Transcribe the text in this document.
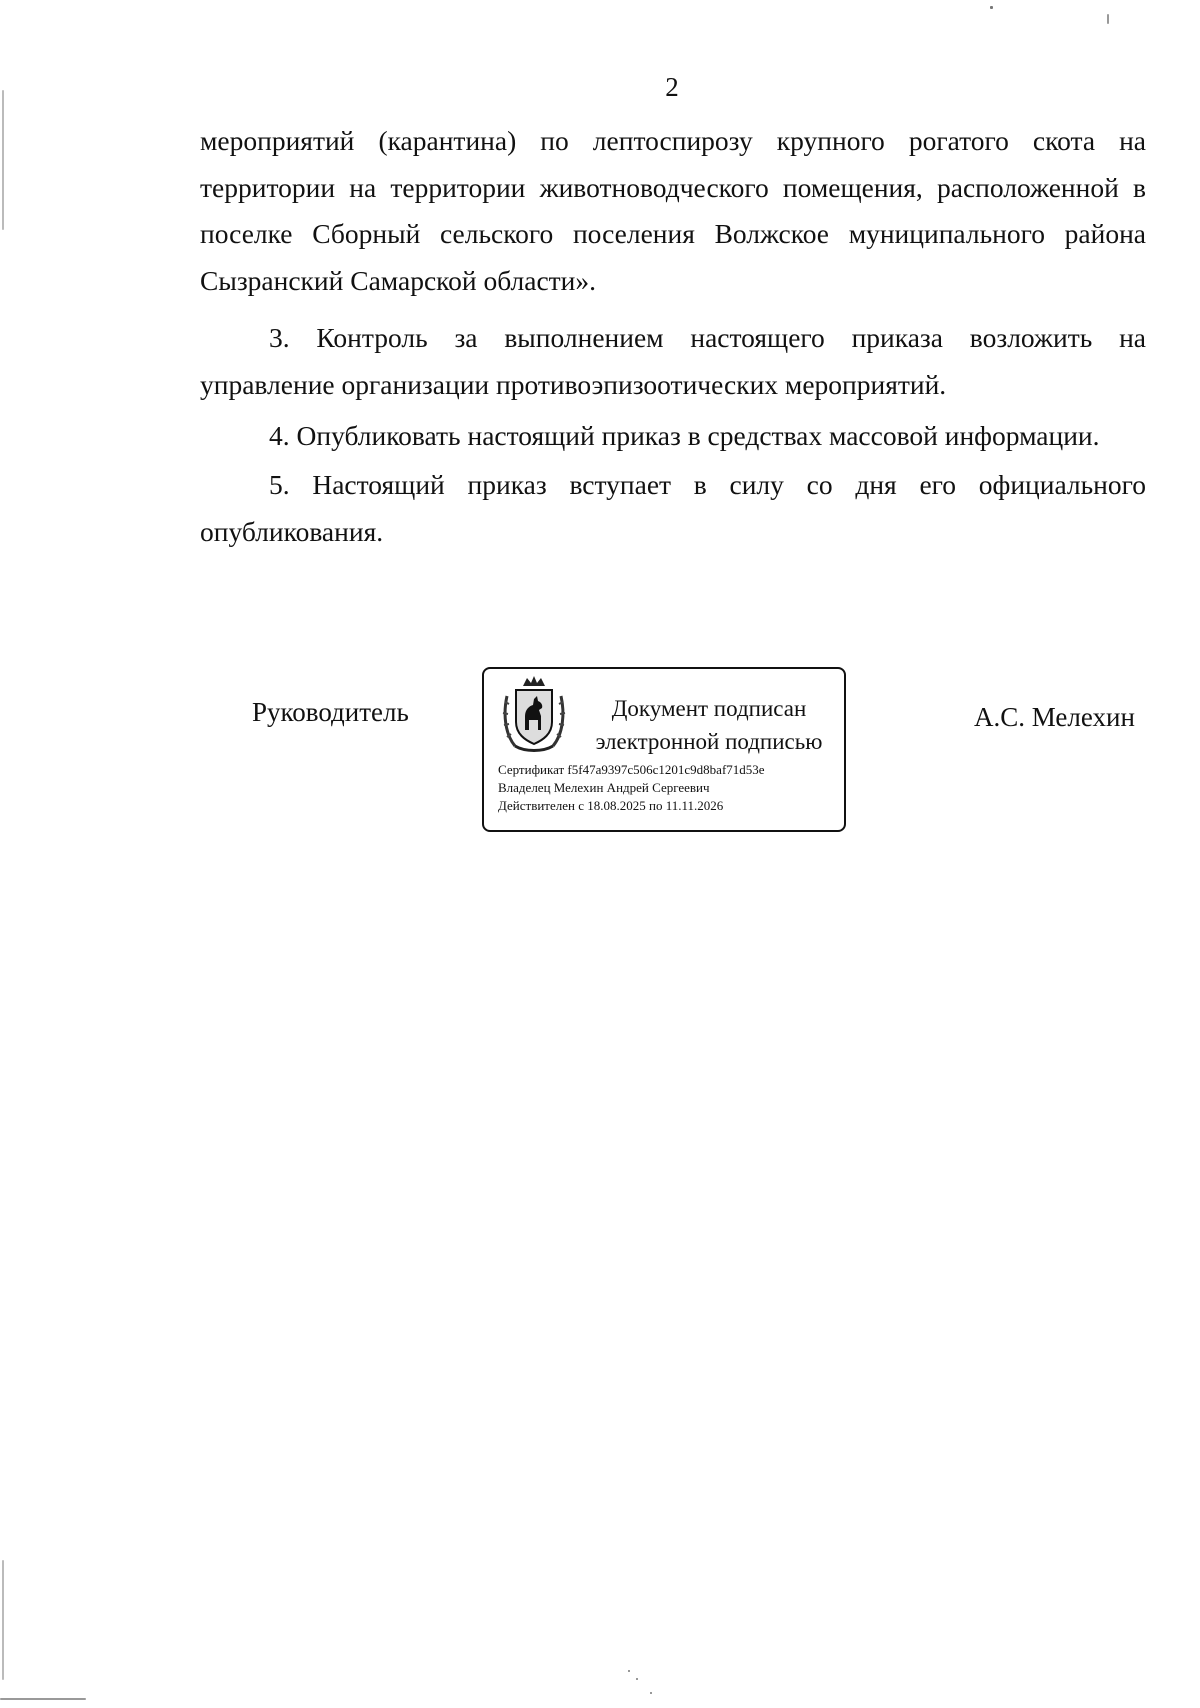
2

мероприятий (карантина) по лептоспирозу крупного рогатого скота на территории на территории животноводческого помещения, расположенной в поселке Сборный сельского поселения Волжское муниципального района Сызранский Самарской области».

3. Контроль за выполнением настоящего приказа возложить на управление организации противоэпизоотических мероприятий.

4. Опубликовать настоящий приказ в средствах массовой информации.

5. Настоящий приказ вступает в силу со дня его официального опубликования.

Руководитель	Документ подписан
электронной подписью
Сертификат f5f47a9397c506c1201c9d8baf71d53e
Владелец Мелехин Андрей Сергеевич
Действителен с 18.08.2025 по 11.11.2026
А.С. Мелехин
